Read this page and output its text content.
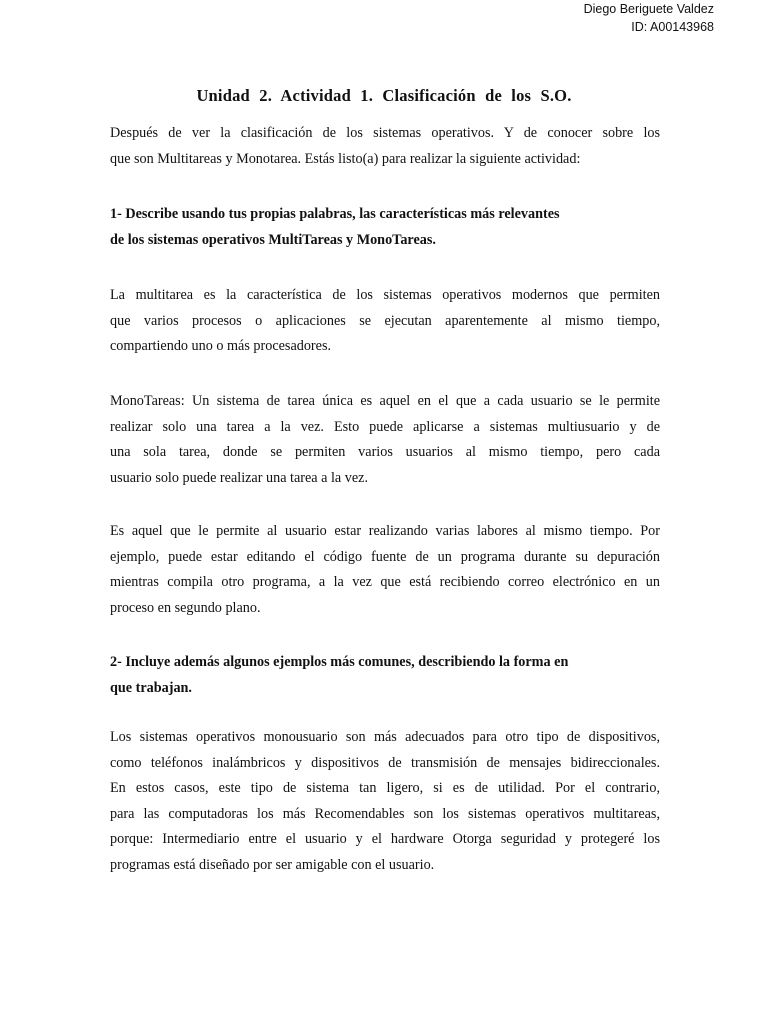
Diego Beriguete Valdez
ID: A00143968
Unidad 2. Actividad 1. Clasificación de los S.O.
Después de ver la clasificación de los sistemas operativos. Y de conocer sobre los
que son Multitareas y Monotarea. Estás listo(a) para realizar la siguiente actividad:
1- Describe usando tus propias palabras, las características más relevantes
de los sistemas operativos MultiTareas y MonoTareas.
La multitarea es la característica de los sistemas operativos modernos que permiten
que varios procesos o aplicaciones se ejecutan aparentemente al mismo tiempo,
compartiendo uno o más procesadores.
MonoTareas: Un sistema de tarea única es aquel en el que a cada usuario se le permite
realizar solo una tarea a la vez. Esto puede aplicarse a sistemas multiusuario y de
una sola tarea, donde se permiten varios usuarios al mismo tiempo, pero cada
usuario solo puede realizar una tarea a la vez.
Es aquel que le permite al usuario estar realizando varias labores al mismo tiempo. Por
ejemplo, puede estar editando el código fuente de un programa durante su depuración
mientras compila otro programa, a la vez que está recibiendo correo electrónico en un
proceso en segundo plano.
2- Incluye además algunos ejemplos más comunes, describiendo la forma en
que trabajan.
Los sistemas operativos monousuario son más adecuados para otro tipo de dispositivos,
como teléfonos inalámbricos y dispositivos de transmisión de mensajes bidireccionales.
En estos casos, este tipo de sistema tan ligero, si es de utilidad. Por el contrario,
para las computadoras los más Recomendables son los sistemas operativos multitareas,
porque: Intermediario entre el usuario y el hardware Otorga seguridad y protegeré los
programas está diseñado por ser amigable con el usuario.
